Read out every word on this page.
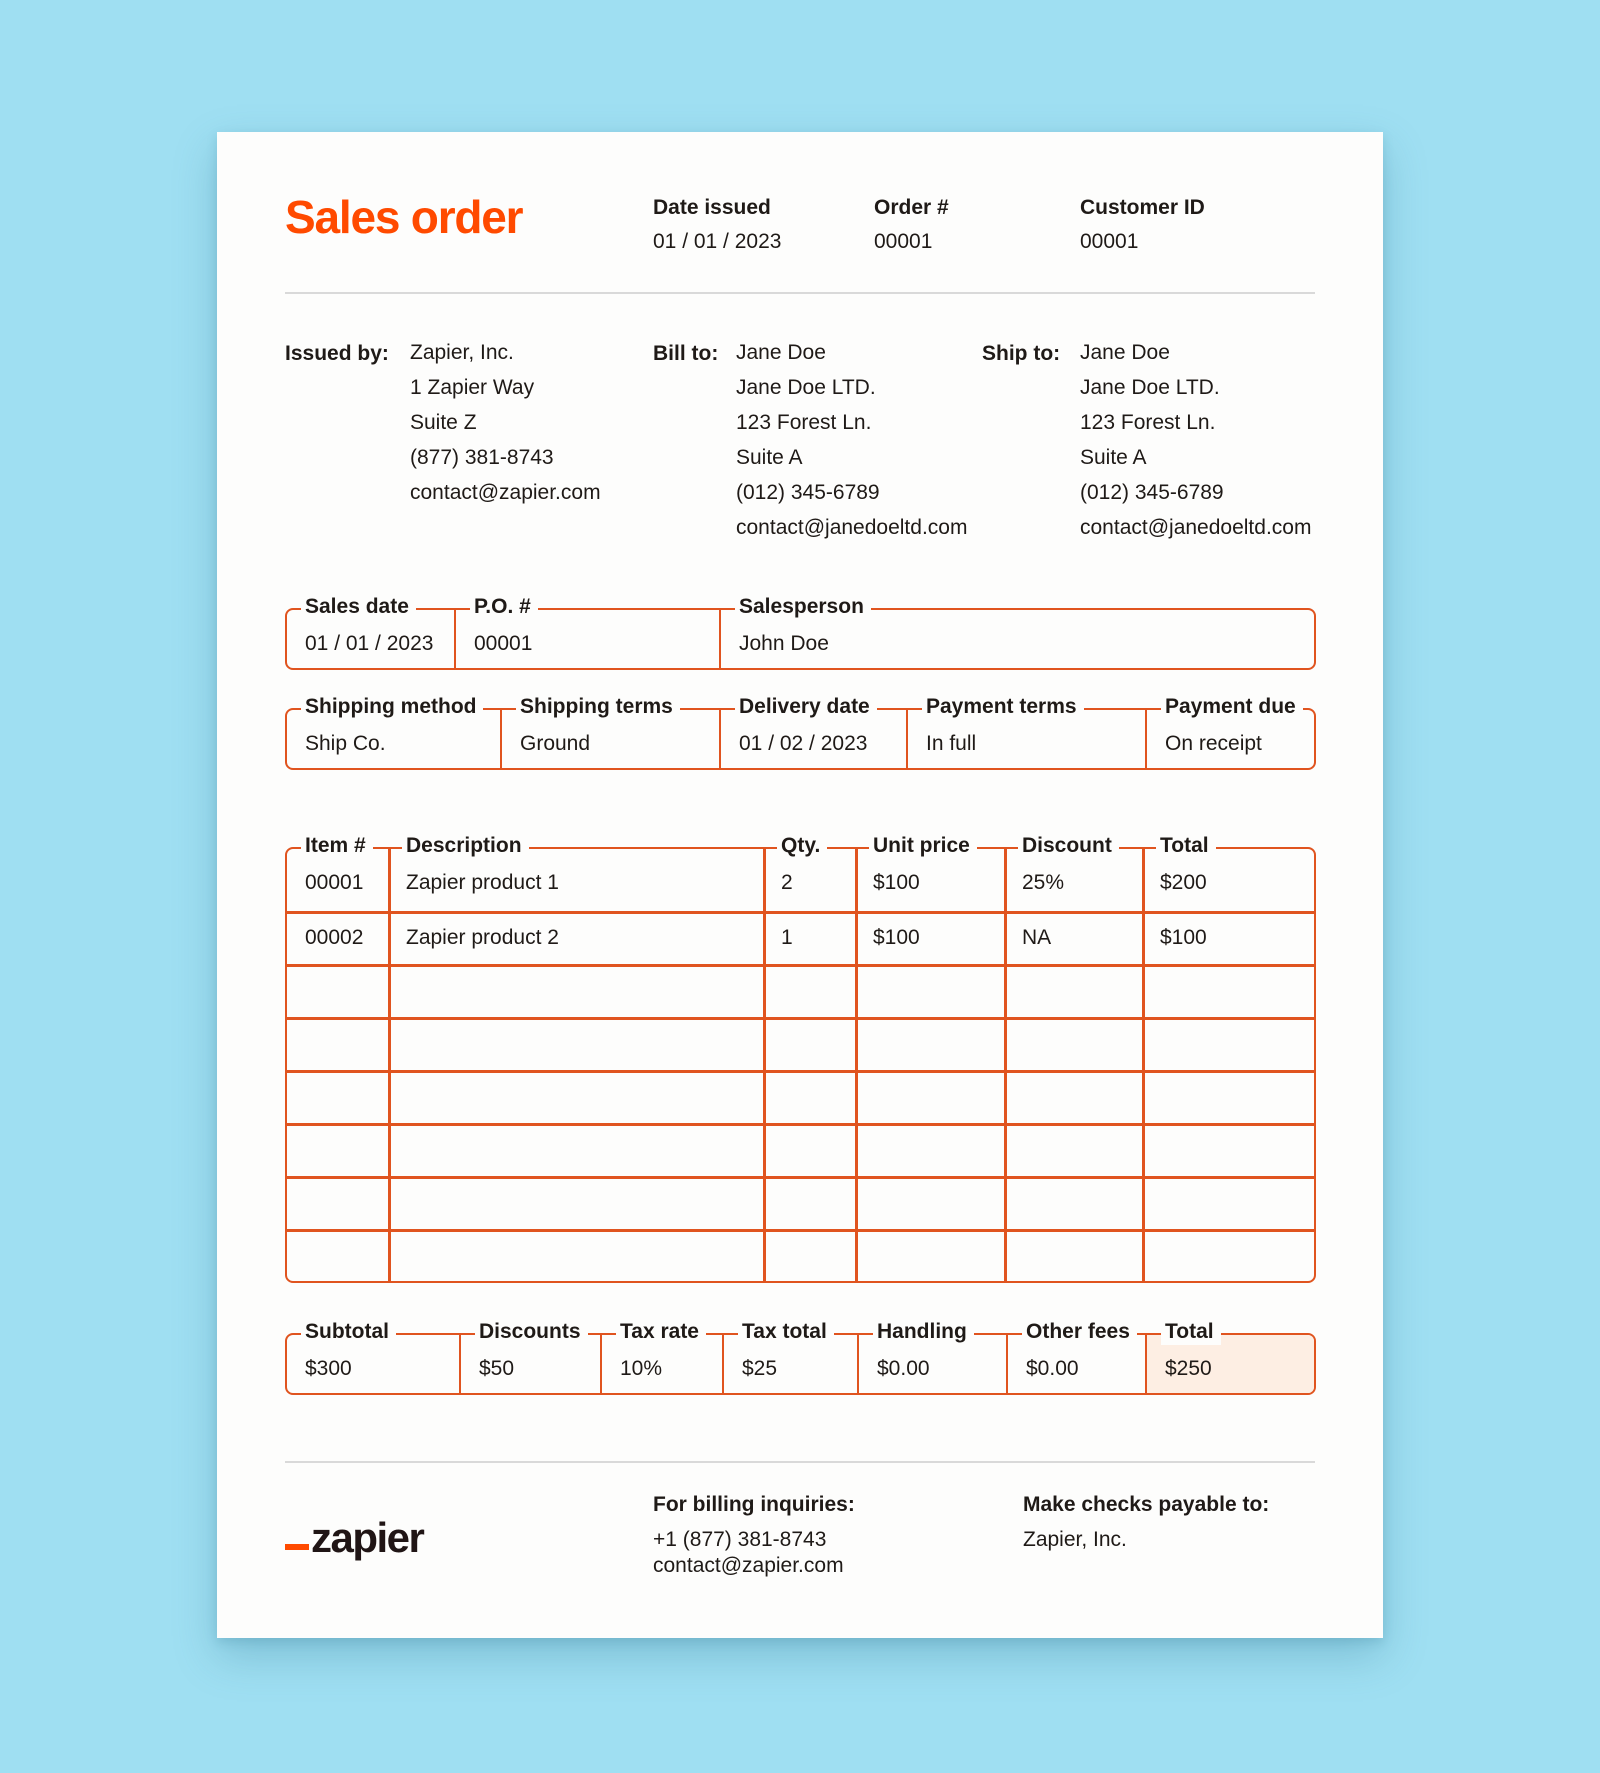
Sales order	Date issued
01 / 01 / 2023
Order #
00001
Customer ID
00001
Issued by: Zapier, Inc.
1 Zapier Way
Suite Z
(877) 381-8743
contact@zapier.com
Bill to: Jane Doe
Jane Doe LTD.
123 Forest Ln.
Suite A
(012) 345-6789
contact@janedoeltd.com
Ship to: Jane Doe
Jane Doe LTD.
123 Forest Ln.
Suite A
(012) 345-6789
contact@janedoeltd.com
Sales date
01 / 01 / 2023
P.O. #
00001
Salesperson
John Doe
Shipping method
Ship Co.
Shipping terms
Ground
Delivery date
01 / 02 / 2023
Payment terms
In full
Payment due
On receipt
Item #	Description	Qty.	Unit price	Discount	Total
00001 Zapier product 1	2	$100	25%	$200
00002 Zapier product 2	1	$100	NA	$100
Subtotal
$300
Discounts
$50
Tax rate
10%
Tax total
$25
Handling
$0.00
Other fees
$0.00
Total
$250
zapier
For billing inquiries:
+1 (877) 381-8743
contact@zapier.com
Make checks payable to:
Zapier, Inc.
